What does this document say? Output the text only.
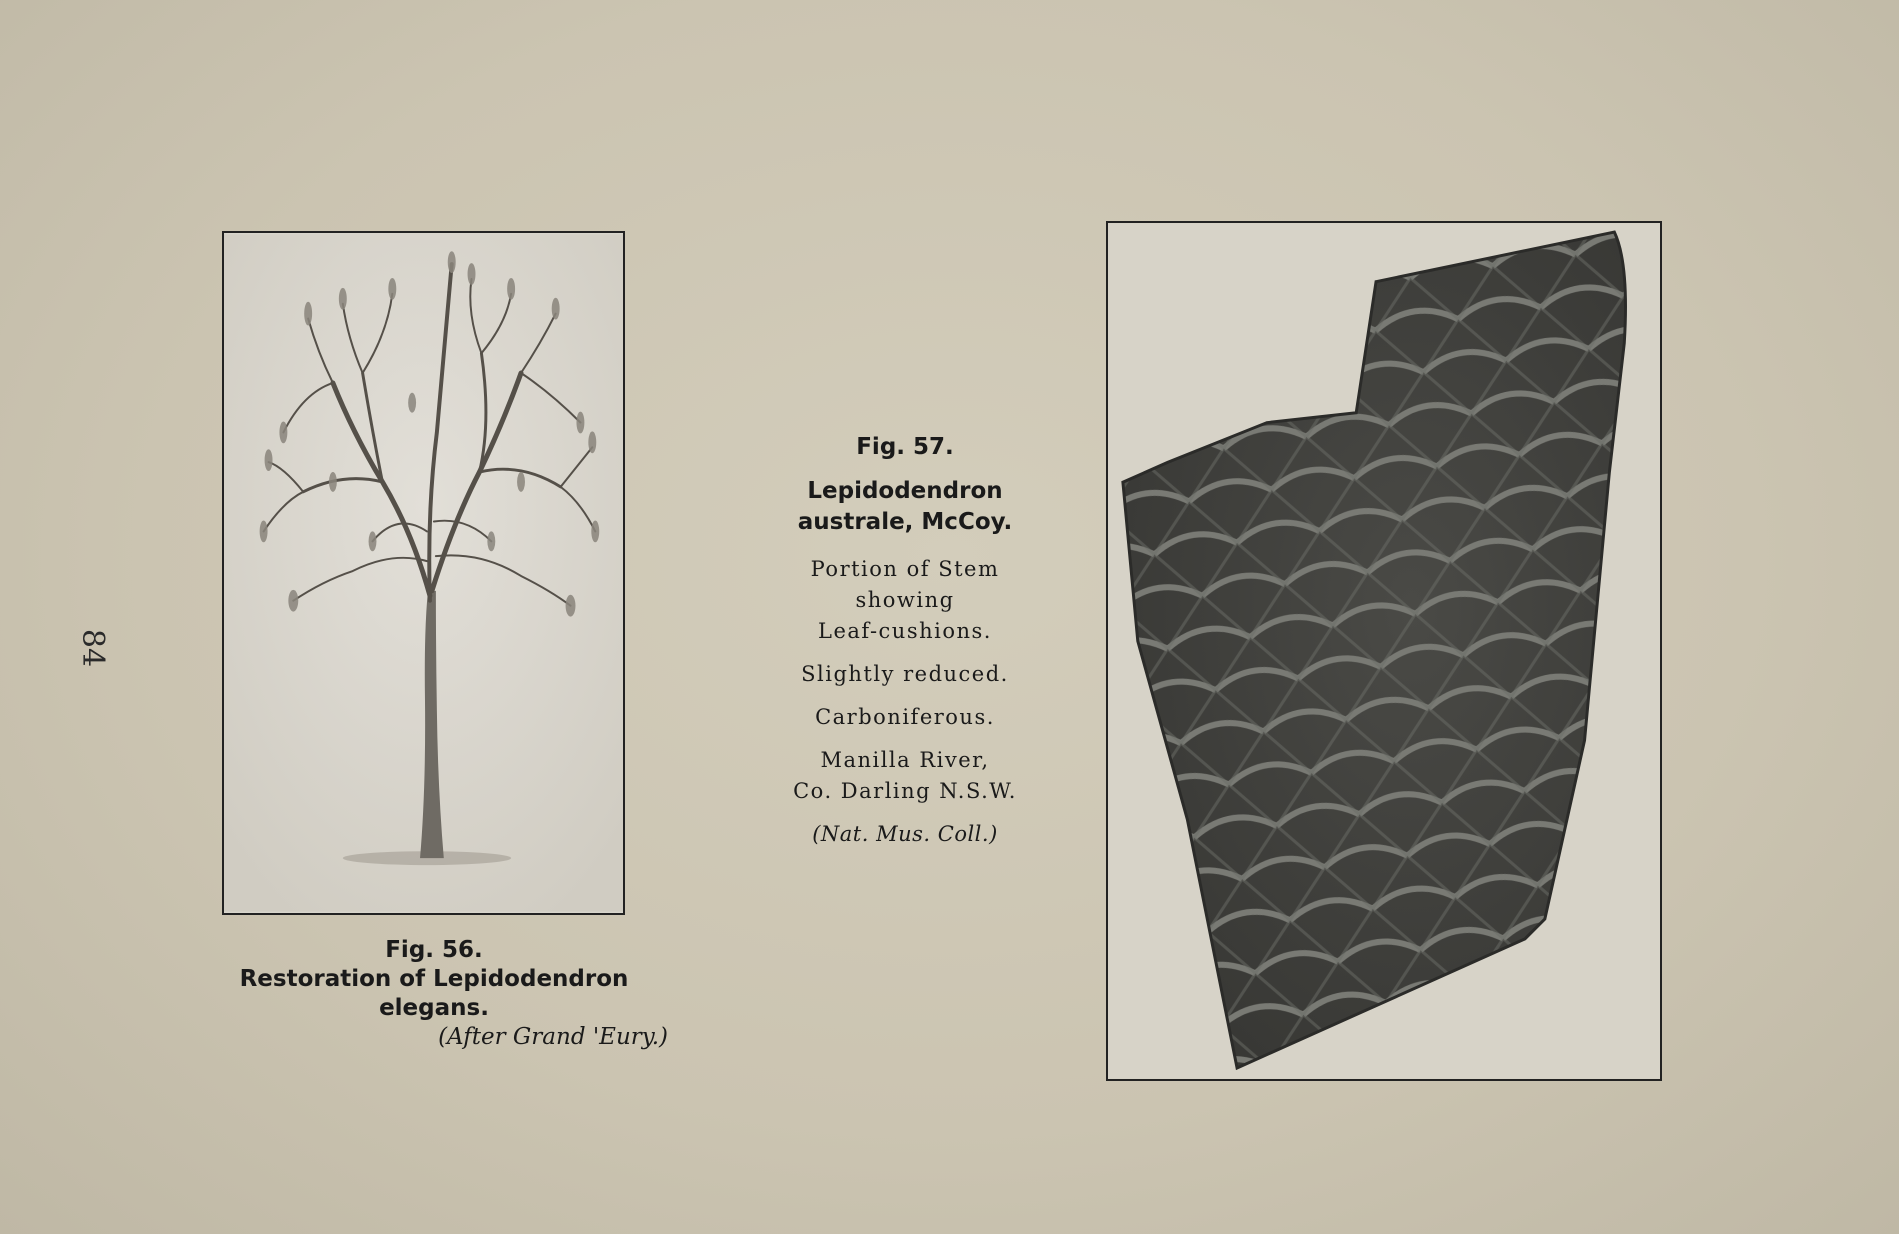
84
Fig. 56.
Restoration of Lepidodendron
elegans.
(After Grand 'Eury.)
Fig. 57.
Lepidodendron
australe, McCoy.
Portion of Stem
showing
Leaf-cushions.
Slightly reduced.
Carboniferous.
Manilla River,
Co. Darling N.S.W.
(Nat. Mus. Coll.)
